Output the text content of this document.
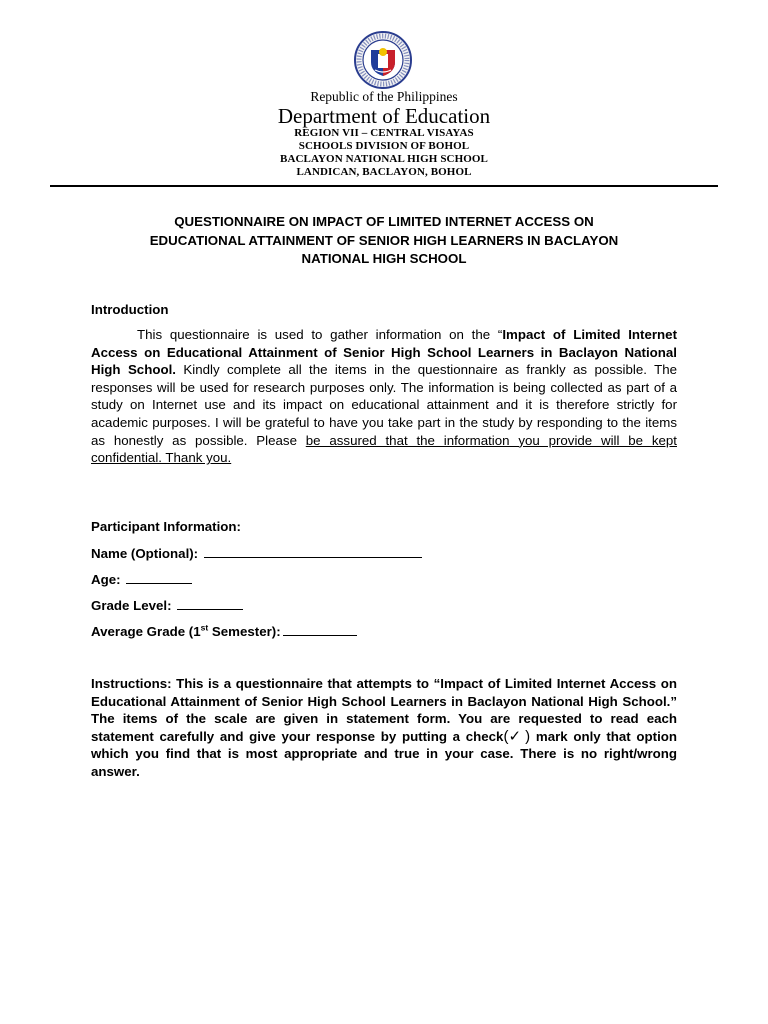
Republic of the Philippines
Department of Education
REGION VII – CENTRAL VISAYAS
SCHOOLS DIVISION OF BOHOL
BACLAYON NATIONAL HIGH SCHOOL
LANDICAN, BACLAYON, BOHOL
QUESTIONNAIRE ON IMPACT OF LIMITED INTERNET ACCESS ON
EDUCATIONAL ATTAINMENT OF SENIOR HIGH LEARNERS IN BACLAYON
NATIONAL HIGH SCHOOL
Introduction

This questionnaire is used to gather information on the “Impact of Limited Internet Access on Educational Attainment of Senior High School Learners in Baclayon National High School. Kindly complete all the items in the questionnaire as frankly as possible. The responses will be used for research purposes only. The information is being collected as part of a study on Internet use and its impact on educational attainment and it is therefore strictly for academic purposes. I will be grateful to have you take part in the study by responding to the items as honestly as possible. Please be assured that the information you provide will be kept confidential. Thank you.

Participant Information:
Name (Optional):
Age:
Grade Level:
Average Grade (1st Semester):

Instructions: This is a questionnaire that attempts to “Impact of Limited Internet Access on Educational Attainment of Senior High School Learners in Baclayon National High School.” The items of the scale are given in statement form. You are requested to read each statement carefully and give your response by putting a check(✓ ) mark only that option which you find that is most appropriate and true in your case. There is no right/wrong answer.
